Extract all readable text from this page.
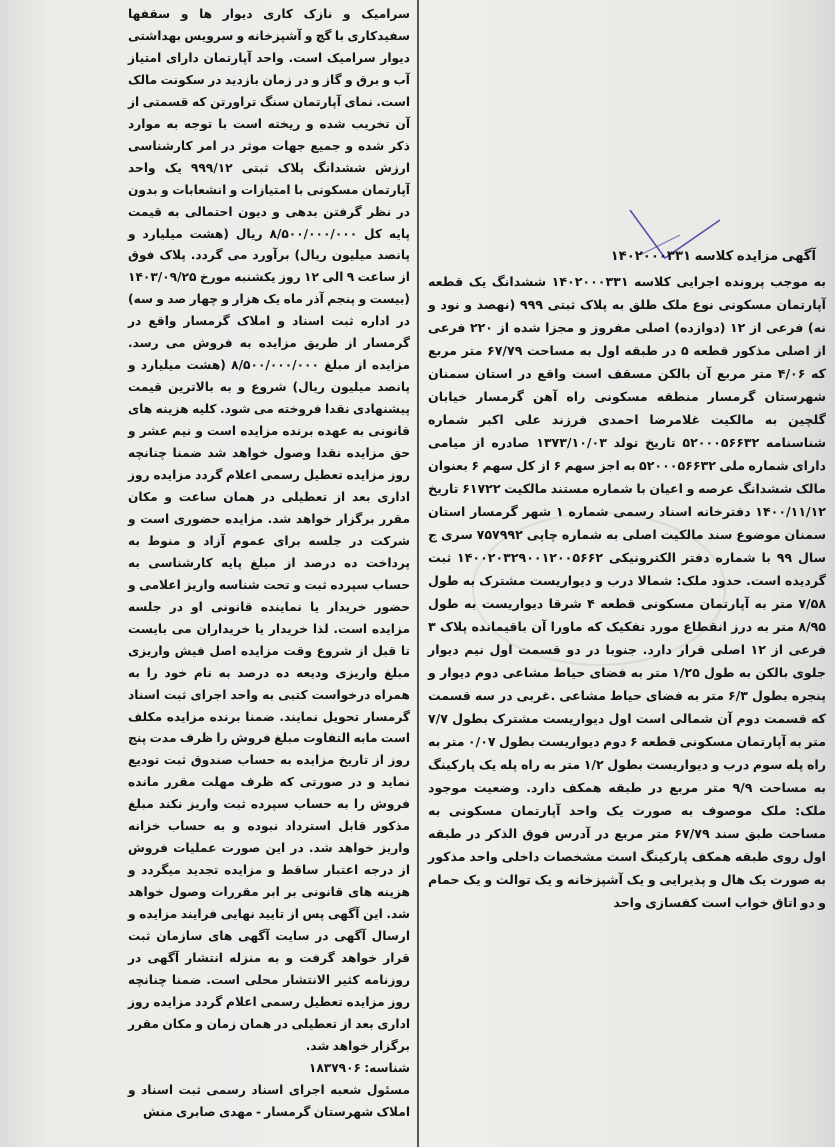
سرامیک و نازک کاری دیوار ها و سقفها سفیدکاری با گچ و آشپزخانه و سرویس بهداشتی دیوار سرامیک است. واحد آپارتمان دارای امتیاز آب و برق و گاز و در زمان بازدید در سکونت مالک است. نمای آپارتمان سنگ تراورتن که قسمتی از آن تخریب شده و ریخته است با توجه به موارد ذکر شده و جمیع جهات موثر در امر کارشناسی ارزش ششدانگ پلاک ثبتی ۹۹۹/۱۲ یک واحد آپارتمان مسکونی با امتیازات و انشعابات و بدون در نظر گرفتن بدهی و دیون احتمالی به قیمت پایه کل ۸/۵۰۰/۰۰۰/۰۰۰ ریال (هشت میلیارد و پانصد میلیون ریال) برآورد می گردد. پلاک فوق از ساعت ۹ الی ۱۲ روز یکشنبه مورخ ۱۴۰۳/۰۹/۲۵ (بیست و پنجم آذر ماه یک هزار و چهار صد و سه) در اداره ثبت اسناد و املاک گرمسار واقع در گرمسار از طریق مزایده به فروش می رسد. مزایده از مبلغ ۸/۵۰۰/۰۰۰/۰۰۰ (هشت میلیارد و پانصد میلیون ریال) شروع و به بالاترین قیمت پیشنهادی نقدا فروخته می شود. کلیه هزینه های قانونی به عهده برنده مزایده است و نیم عشر و حق مزایده نقدا وصول خواهد شد ضمنا چنانچه روز مزایده تعطیل رسمی اعلام گردد مزایده روز اداری بعد از تعطیلی در همان ساعت و مکان مقرر برگزار خواهد شد. مزایده حضوری است و شرکت در جلسه برای عموم آزاد و منوط به پرداخت ده درصد از مبلغ پایه کارشناسی به حساب سپرده ثبت و تحت شناسه واریز اعلامی و حضور خریدار یا نماینده قانونی او در جلسه مزایده است. لذا خریدار یا خریداران می بایست تا قبل از شروع وقت مزایده اصل فیش واریزی مبلغ واریزی ودیعه ده درصد به نام خود را به همراه درخواست کتبی به واحد اجرای ثبت اسناد گرمسار تحویل نمایند. ضمنا برنده مزایده مکلف است مابه التفاوت مبلغ فروش را ظرف مدت پنج روز از تاریخ مزایده به حساب صندوق ثبت تودیع نماید و در صورتی که ظرف مهلت مقرر مانده فروش را به حساب سپرده ثبت واریز نکند مبلغ مذکور قابل استرداد نبوده و به حساب خزانه واریز خواهد شد. در این صورت عملیات فروش از درجه اعتبار ساقط و مزایده تجدید میگردد و هزینه های قانونی بر ابر مقررات وصول خواهد شد. این آگهی پس از تایید نهایی فرایند مزایده و ارسال آگهی در سایت آگهی های سازمان ثبت قرار خواهد گرفت و به منزله انتشار آگهی در روزنامه کثیر الانتشار محلی است. ضمنا چنانچه روز مزایده تعطیل رسمی اعلام گردد مزایده روز اداری بعد از تعطیلی در همان زمان و مکان مقرر برگزار خواهد شد.

شناسه: ۱۸۳۷۹۰۶

مسئول شعبه اجرای اسناد رسمی ثبت اسناد و املاک شهرستان گرمسار - مهدی صابری منش

آگهی مزایده کلاسه ۱۴۰۲۰۰۰۳۳۱

به موجب پرونده اجرایی کلاسه ۱۴۰۲۰۰۰۳۳۱ ششدانگ یک قطعه آپارتمان مسکونی نوع ملک طلق به پلاک ثبتی ۹۹۹ (نهصد و نود و نه) فرعی از ۱۲ (دوازده) اصلی مفروز و مجزا شده از ۲۲۰ فرعی از اصلی مذکور قطعه ۵ در طبقه اول به مساحت ۶۷/۷۹ متر مربع که ۴/۰۶ متر مربع آن بالکن مسقف است واقع در استان سمنان شهرستان گرمسار منطقه مسکونی راه آهن گرمسار خیابان گلچین به مالکیت غلامرضا احمدی فرزند علی اکبر شماره شناسنامه ۵۲۰۰۰۵۶۶۳۲ تاریخ تولد ۱۳۷۳/۱۰/۰۳ صادره از میامی دارای شماره ملی ۵۲۰۰۰۵۶۶۳۲ به اجز سهم ۶ از کل سهم ۶ بعنوان مالک ششدانگ عرصه و اعیان با شماره مستند مالکیت ۶۱۷۲۲ تاریخ ۱۴۰۰/۱۱/۱۲ دفترخانه اسناد رسمی شماره ۱ شهر گرمسار استان سمنان موضوع سند مالکیت اصلی به شماره چاپی ۷۵۷۹۹۲ سری ج سال ۹۹ با شماره دفتر الکترونیکی ۱۴۰۰۲۰۳۲۹۰۰۱۲۰۰۵۶۶۲ ثبت گردیده است. حدود ملک: شمالا درب و دیواریست مشترک به طول ۷/۵۸ متر به آپارتمان مسکونی قطعه ۴ شرقا دیواریست به طول ۸/۹۵ متر به درز انقطاع مورد تفکیک که ماورا آن باقیمانده پلاک ۳ فرعی از ۱۲ اصلی قرار دارد. جنوبا در دو قسمت اول نیم دیوار جلوی بالکن به طول ۱/۲۵ متر به فضای حیاط مشاعی دوم دیوار و پنجره بطول ۶/۳ متر به فضای حیاط مشاعی .غربی در سه قسمت که قسمت دوم آن شمالی است اول دیواریست مشترک بطول ۷/۷ متر به آپارتمان مسکونی قطعه ۶ دوم دیواریست بطول ۰/۰۷ متر به راه پله سوم درب و دیواریست بطول ۱/۲ متر به راه پله یک پارکینگ به مساحت ۹/۹ متر مربع در طبقه همکف دارد. وضعیت موجود ملک: ملک موصوف به صورت یک واحد آپارتمان مسکونی به مساحت طبق سند ۶۷/۷۹ متر مربع در آدرس فوق الذکر در طبقه اول روی طبقه همکف پارکینگ است مشخصات داخلی واحد مذکور به صورت یک هال و پذیرایی و یک آشپزخانه و یک توالت و یک حمام و دو اتاق خواب است کفسازی واحد
